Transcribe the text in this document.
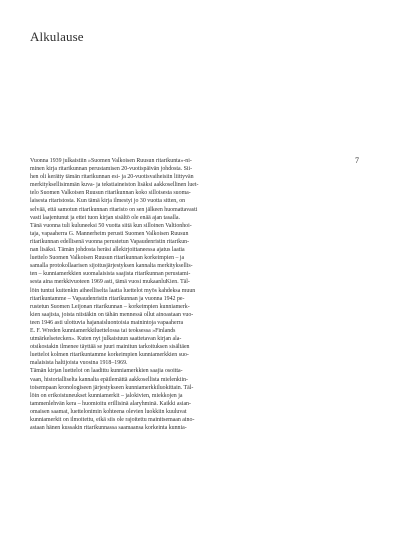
Alkulause
7
Vuonna 1939 julkaistiin »Suomen Valkoisen Ruusun ritarikunta»-ni-
minen kirja ritarikunnan perustamisen 20-vuotispäivän johdosta. Sii-
hen oli kerätty tämän ritarikunnan esi- ja 20-vuotisvaiheisiin liittyvän
merkityksellisimmän kuva- ja tekstiaineiston lisäksi aakkosellinen luet-
telo Suomen Valkoisen Ruusun ritarikunnan koko silloisesta suoma-
laisesta ritaristosta. Kun tämä kirja ilmestyi jo 30 vuotta sitten, on
selvää, että samotun ritarikunnan ritaristo on sen jälkeen huomattavasti
vasti laajentunut ja ettei tuon kirjan sisältö ole enää ajan tasalla.
Tänä vuonna tuli kuluneeksi 50 vuotta siitä kun silloinen Valtionhoi-
taja, vapaaherra G. Mannerheim perusti Suomen Valkoisen Ruusun
ritarikunnan edellisenä vuonna perustetun Vapaudenristin ritarikun-
nan lisäksi. Tämän johdosta heräsi allekirjoittaneessa ajatus laatia
luettelo Suomen Valkoisen Ruusun ritarikunnan korkeimpien – ja
samalla protokollaarisen sijoitusjärjestyksen kannalta merkityksellis-
ten – kunniamerkkien suomalaisista saajista ritarikunnan perustami-
sesta aina merkkivuoteen 1969 asti, tämä vuosi mukaanluKien. Täl-
löin tuntui kuitenkin aiheelliselta laatia luettelot myös kahdeksa muun
ritarikuntamme – Vapaudenristin ritarikunnan ja vuonna 1942 pe-
rustetun Suomen Leijonan ritarikunnan – korkeimpien kunniamerk-
kien saajista, joista niistäkin on tähän mennessä ollut ainoastaan vuo-
teen 1946 asti ulottuvia hajanaisluontoisia mainintoja vapaaherra
E. F. Wreden kunniamerkkiluettelossa tai teoksessa »Finlands
utmärkelsetecken». Kuten nyt julkaistuun saattetavan kirjan ala-
otsikostakin ilmenee täyttää se juuri mainitun tarkoituksen sisältäen
luettelot kolmen ritarikuntamme korkeimpien kunniamerkkien suo-
malaisista haltijoista vuosina 1918–1969.
Tämän kirjan luettelot on laadittu kunniamerkkien saajia osoitta-
vaan, historialliselta kannalta epäilemättä aakkosellista mielenkiin-
toisempaan kronologiseen järjestykseen kunniamerkkiluokittain. Täl-
löin on erikoistuneukset kunniamerkit – jalokivien, miekkojen ja
tammenlehvän kera – huomioitu erillisinä alaryhminä. Kaikki asian-
omaisen saamat, luettelonimin kohteena olevien luokkiin kuuluvat
kunniamerkit on ilmoitettu, eikä siis ole rajoitettu mainitsemaan aino-
astaan hänen kussakin ritarikunnassa saamaansa korkeinta kunnia-
